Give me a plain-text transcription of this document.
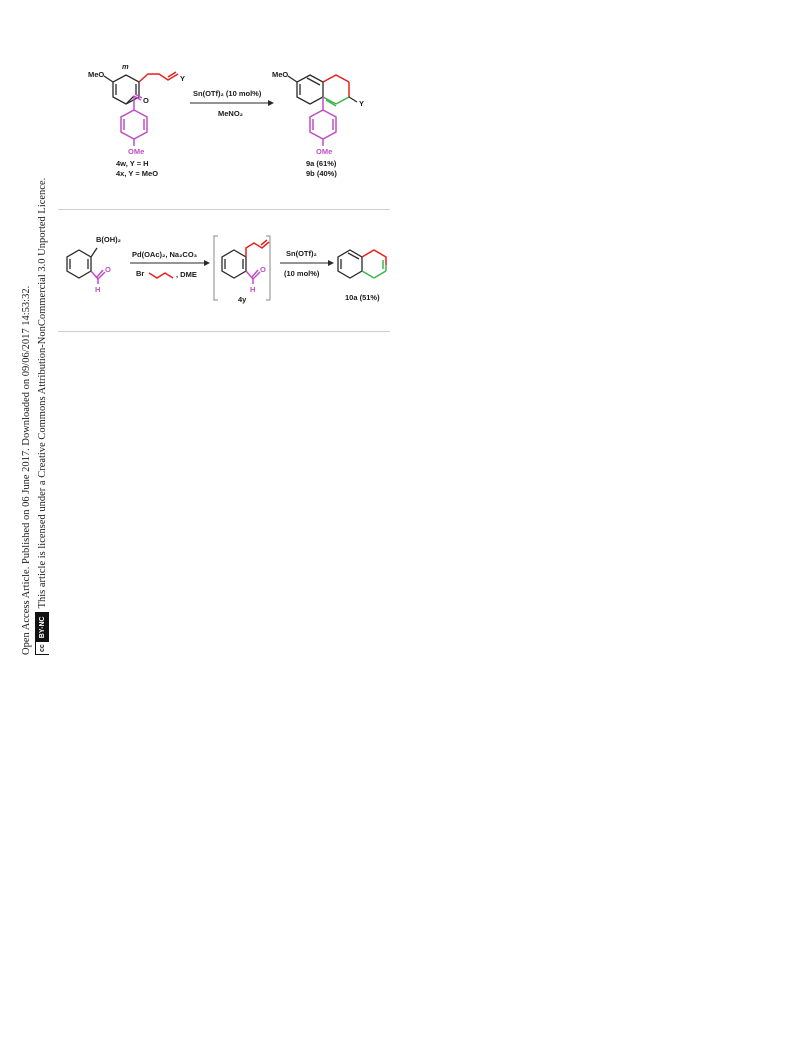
Open Access Article. Published on 06 June 2017. Downloaded on 09/06/2017 14:53:32. cc
BY-NC
This article is licensed under a Creative Commons Attribution-NonCommercial 3.0 Unported Licence.
MeO
m
Y
O
OMe
4w, Y = H
4x, Y = MeO
Sn(OTf)₂ (10 mol%)
MeNO₂
MeO
Y
OMe
9a (61%)
9b (40%)
B(OH)₂
O
H
Pd(OAc)₂, Na₂CO₃
Br	, DME
O
H
4y
Sn(OTf)₂
(10 mol%)
10a (51%)
